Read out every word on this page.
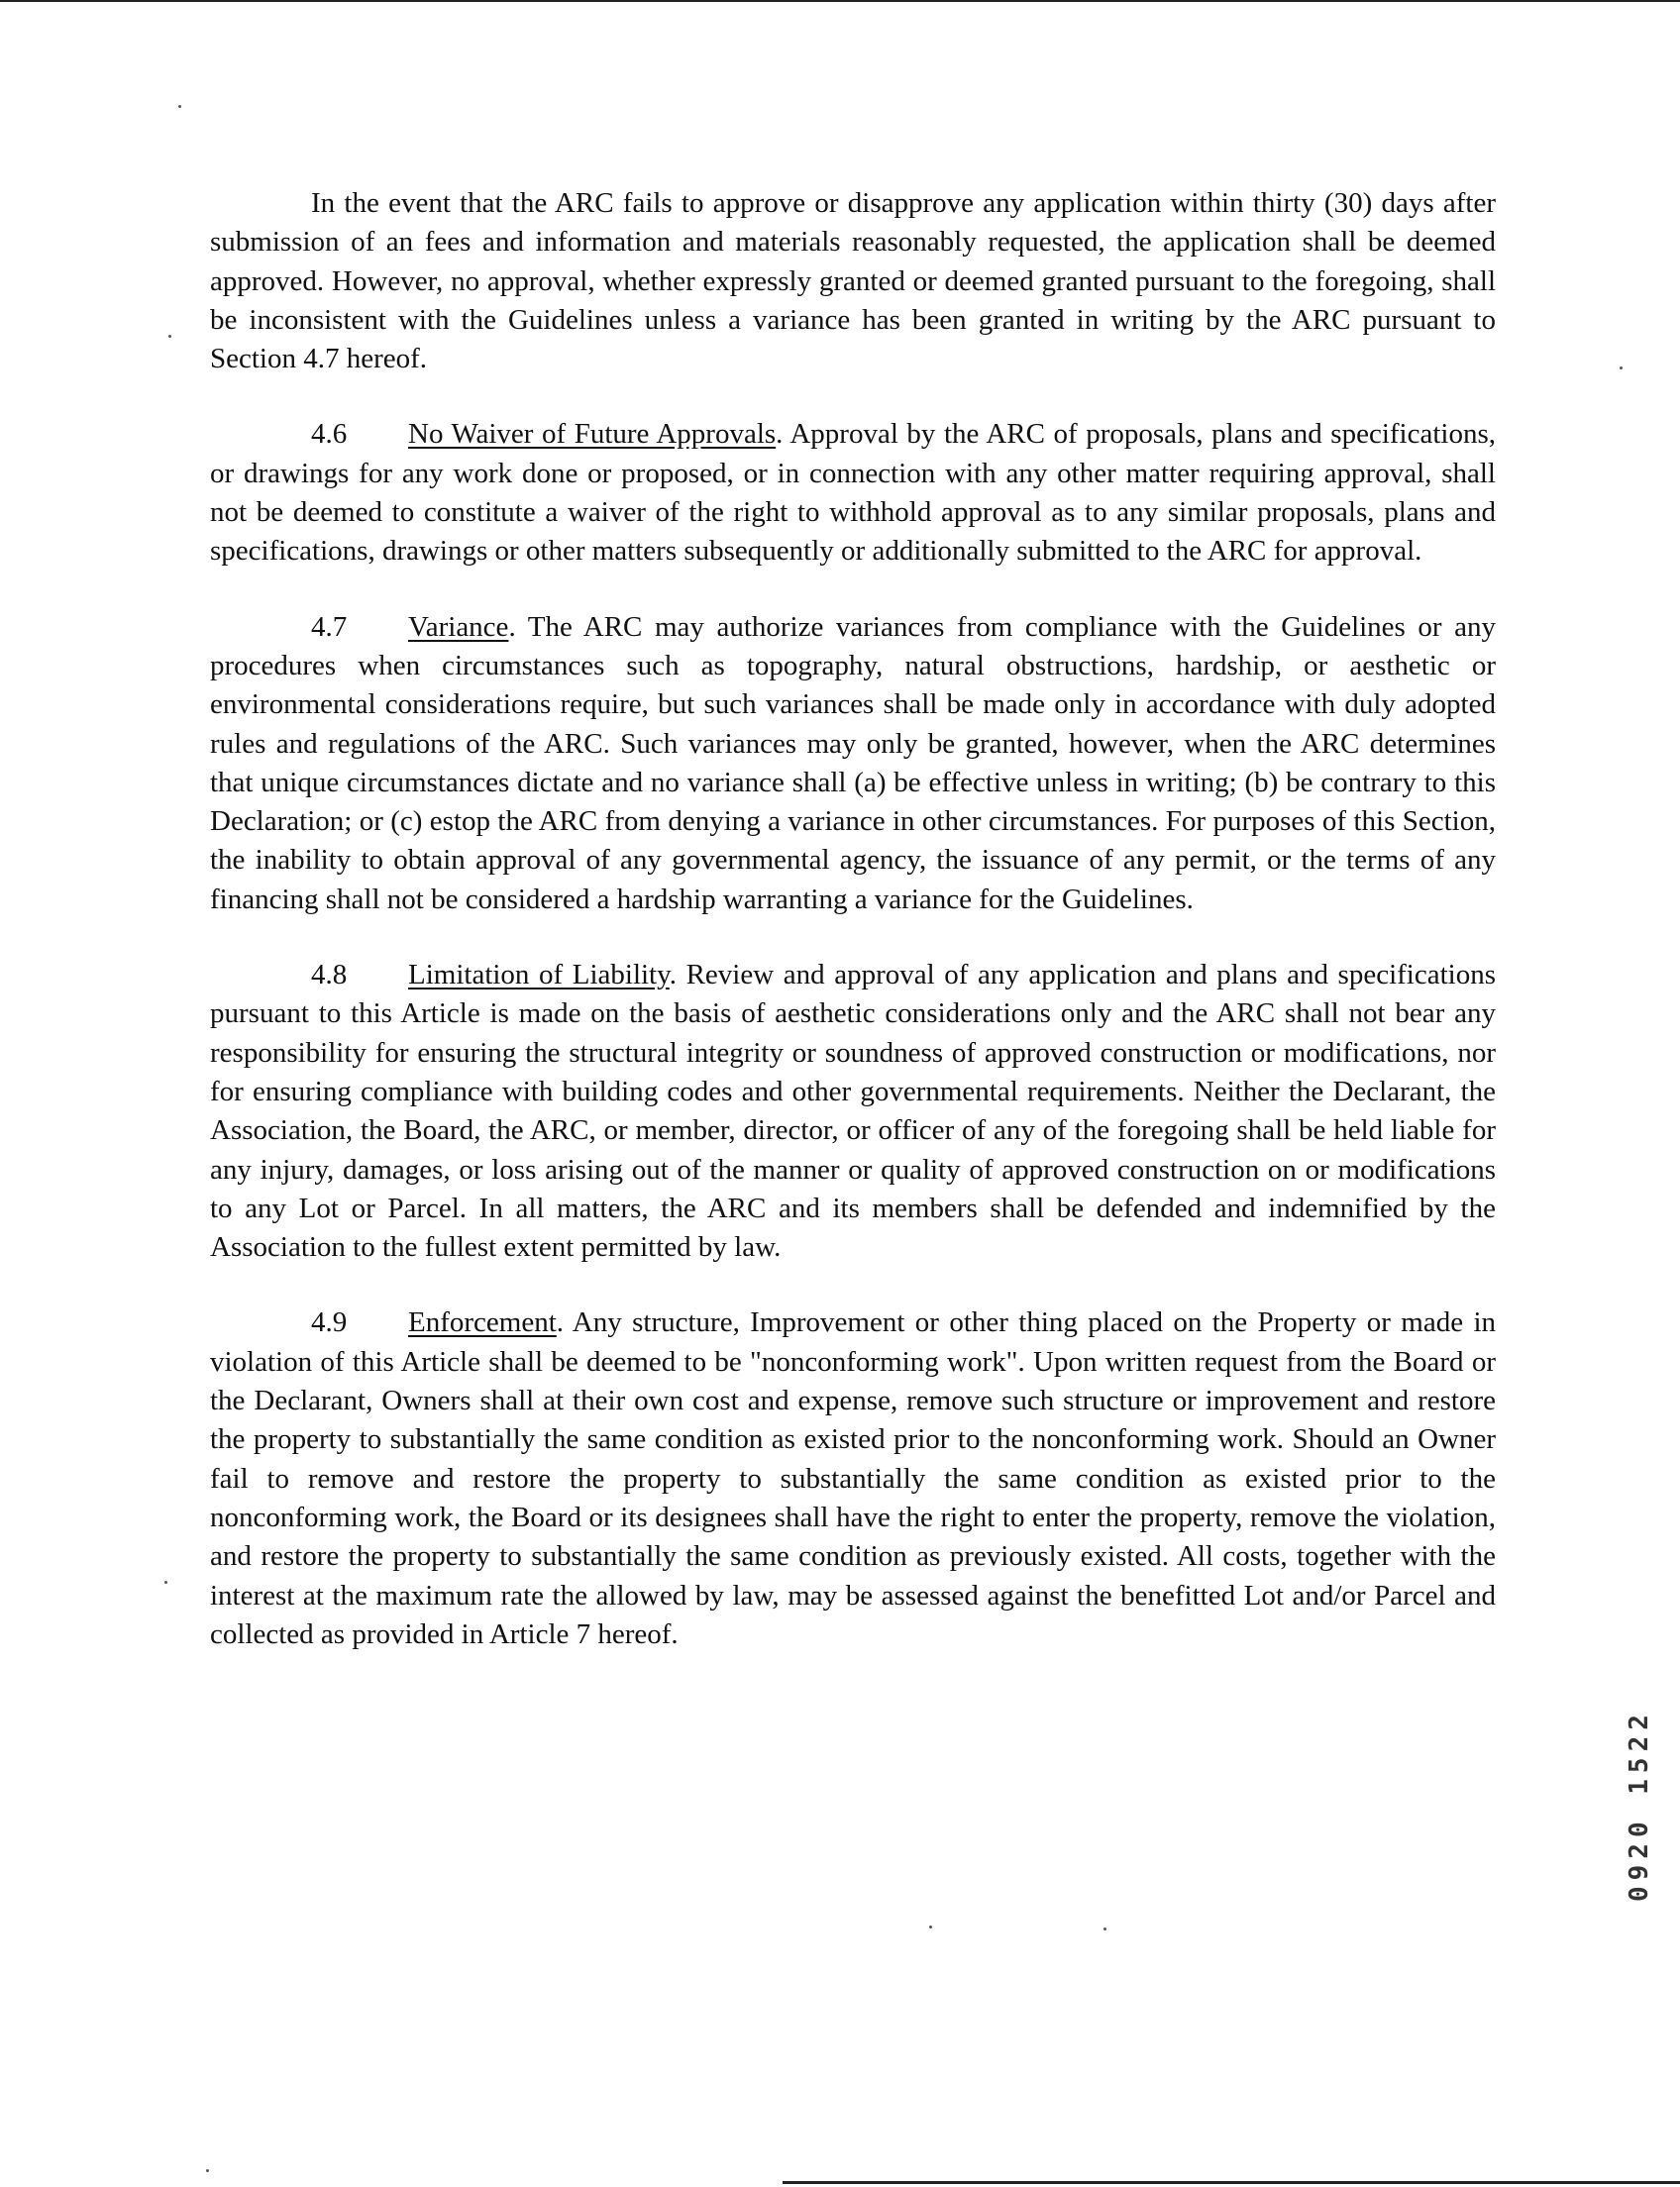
In the event that the ARC fails to approve or disapprove any application within thirty (30) days after submission of an fees and information and materials reasonably requested, the application shall be deemed approved. However, no approval, whether expressly granted or deemed granted pursuant to the foregoing, shall be inconsistent with the Guidelines unless a variance has been granted in writing by the ARC pursuant to Section 4.7 hereof.

4.6 No Waiver of Future Approvals. Approval by the ARC of proposals, plans and specifications, or drawings for any work done or proposed, or in connection with any other matter requiring approval, shall not be deemed to constitute a waiver of the right to withhold approval as to any similar proposals, plans and specifications, drawings or other matters subsequently or additionally submitted to the ARC for approval.

4.7 Variance. The ARC may authorize variances from compliance with the Guidelines or any procedures when circumstances such as topography, natural obstructions, hardship, or aesthetic or environmental considerations require, but such variances shall be made only in accordance with duly adopted rules and regulations of the ARC. Such variances may only be granted, however, when the ARC determines that unique circumstances dictate and no variance shall (a) be effective unless in writing; (b) be contrary to this Declaration; or (c) estop the ARC from denying a variance in other circumstances. For purposes of this Section, the inability to obtain approval of any governmental agency, the issuance of any permit, or the terms of any financing shall not be considered a hardship warranting a variance for the Guidelines.

4.8 Limitation of Liability. Review and approval of any application and plans and specifications pursuant to this Article is made on the basis of aesthetic considerations only and the ARC shall not bear any responsibility for ensuring the structural integrity or soundness of approved construction or modifications, nor for ensuring compliance with building codes and other governmental requirements. Neither the Declarant, the Association, the Board, the ARC, or member, director, or officer of any of the foregoing shall be held liable for any injury, damages, or loss arising out of the manner or quality of approved construction on or modifications to any Lot or Parcel. In all matters, the ARC and its members shall be defended and indemnified by the Association to the fullest extent permitted by law.

4.9 Enforcement. Any structure, Improvement or other thing placed on the Property or made in violation of this Article shall be deemed to be "nonconforming work". Upon written request from the Board or the Declarant, Owners shall at their own cost and expense, remove such structure or improvement and restore the property to substantially the same condition as existed prior to the nonconforming work. Should an Owner fail to remove and restore the property to substantially the same condition as existed prior to the nonconforming work, the Board or its designees shall have the right to enter the property, remove the violation, and restore the property to substantially the same condition as previously existed. All costs, together with the interest at the maximum rate the allowed by law, may be assessed against the benefitted Lot and/or Parcel and collected as provided in Article 7 hereof.

0920 1522
